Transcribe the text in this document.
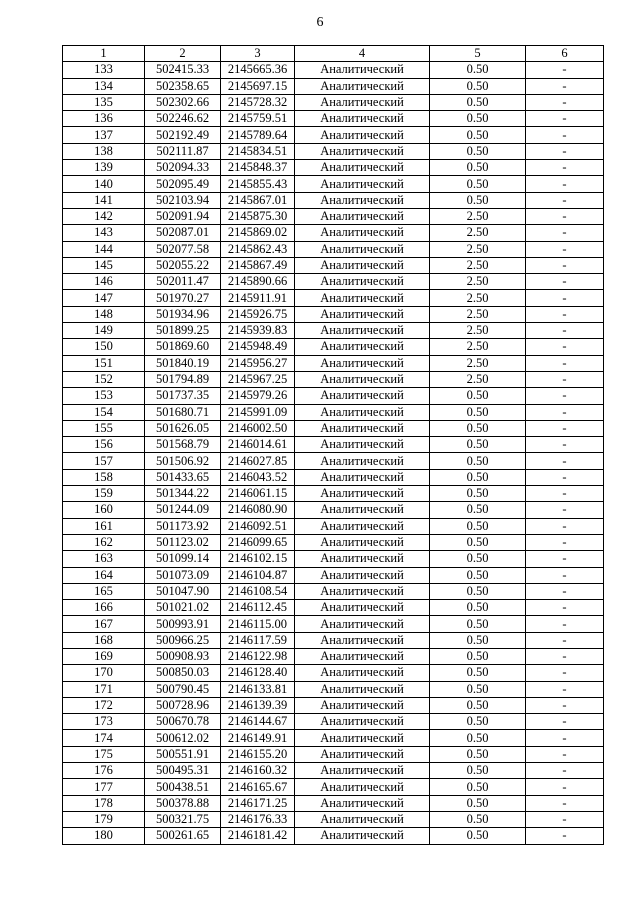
6
1	2	3	4	5	6
133	502415.33	2145665.36	Аналитический	0.50	-
134	502358.65	2145697.15	Аналитический	0.50	-
135	502302.66	2145728.32	Аналитический	0.50	-
136	502246.62	2145759.51	Аналитический	0.50	-
137	502192.49	2145789.64	Аналитический	0.50	-
138	502111.87	2145834.51	Аналитический	0.50	-
139	502094.33	2145848.37	Аналитический	0.50	-
140	502095.49	2145855.43	Аналитический	0.50	-
141	502103.94	2145867.01	Аналитический	0.50	-
142	502091.94	2145875.30	Аналитический	2.50	-
143	502087.01	2145869.02	Аналитический	2.50	-
144	502077.58	2145862.43	Аналитический	2.50	-
145	502055.22	2145867.49	Аналитический	2.50	-
146	502011.47	2145890.66	Аналитический	2.50	-
147	501970.27	2145911.91	Аналитический	2.50	-
148	501934.96	2145926.75	Аналитический	2.50	-
149	501899.25	2145939.83	Аналитический	2.50	-
150	501869.60	2145948.49	Аналитический	2.50	-
151	501840.19	2145956.27	Аналитический	2.50	-
152	501794.89	2145967.25	Аналитический	2.50	-
153	501737.35	2145979.26	Аналитический	0.50	-
154	501680.71	2145991.09	Аналитический	0.50	-
155	501626.05	2146002.50	Аналитический	0.50	-
156	501568.79	2146014.61	Аналитический	0.50	-
157	501506.92	2146027.85	Аналитический	0.50	-
158	501433.65	2146043.52	Аналитический	0.50	-
159	501344.22	2146061.15	Аналитический	0.50	-
160	501244.09	2146080.90	Аналитический	0.50	-
161	501173.92	2146092.51	Аналитический	0.50	-
162	501123.02	2146099.65	Аналитический	0.50	-
163	501099.14	2146102.15	Аналитический	0.50	-
164	501073.09	2146104.87	Аналитический	0.50	-
165	501047.90	2146108.54	Аналитический	0.50	-
166	501021.02	2146112.45	Аналитический	0.50	-
167	500993.91	2146115.00	Аналитический	0.50	-
168	500966.25	2146117.59	Аналитический	0.50	-
169	500908.93	2146122.98	Аналитический	0.50	-
170	500850.03	2146128.40	Аналитический	0.50	-
171	500790.45	2146133.81	Аналитический	0.50	-
172	500728.96	2146139.39	Аналитический	0.50	-
173	500670.78	2146144.67	Аналитический	0.50	-
174	500612.02	2146149.91	Аналитический	0.50	-
175	500551.91	2146155.20	Аналитический	0.50	-
176	500495.31	2146160.32	Аналитический	0.50	-
177	500438.51	2146165.67	Аналитический	0.50	-
178	500378.88	2146171.25	Аналитический	0.50	-
179	500321.75	2146176.33	Аналитический	0.50	-
180	500261.65	2146181.42	Аналитический	0.50	-
